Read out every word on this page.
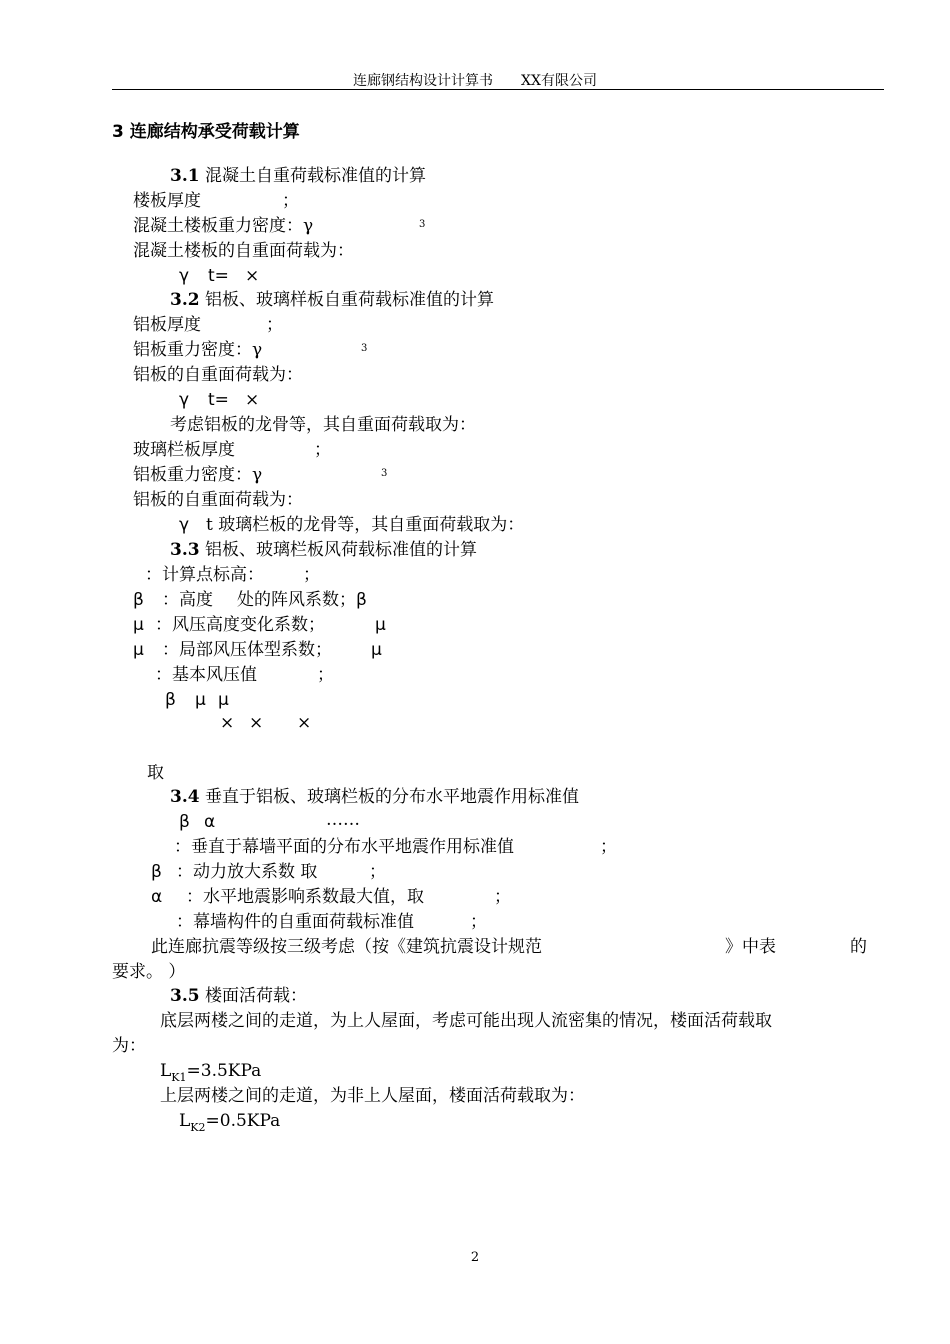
连廊钢结构设计计算书 XX有限公司
3 连廊结构承受荷载计算
3.1 混凝土自重荷载标准值的计算
楼板厚度	；
混凝土楼板重力密度：γ	3
混凝土楼板的自重面荷载为：
γ t= ×
3.2 铝板、玻璃样板自重荷载标准值的计算
铝板厚度	；
铝板重力密度：γ	3
铝板的自重面荷载为：
γ t= ×
考虑铝板的龙骨等，其自重面荷载取为：
玻璃栏板厚度	；
铝板重力密度：γ	3
铝板的自重面荷载为：
γ t 玻璃栏板的龙骨等，其自重面荷载取为：
3.3 铝板、玻璃栏板风荷载标准值的计算
：计算点标高： ；
β ：高度 处的阵风系数；β
μ ：风压高度变化系数；	μ
μ ：局部风压体型系数； μ
：基本风压值	；
β μ μ
× × ×
取
3.4 垂直于铝板、玻璃栏板的分布水平地震作用标准值
β α	……
：垂直于幕墙平面的分布水平地震作用标准值	；
β ：动力放大系数 取	；
α ：水平地震影响系数最大值，取	；
：幕墙构件的自重面荷载标准值	；
此连廊抗震等级按三级考虑（按《建筑抗震设计规范	》中表	的
要求。 ）
3.5 楼面活荷载：
底层两楼之间的走道，为上人屋面，考虑可能出现人流密集的情况，楼面活荷载取
为：
$L_{K1}=3.5KPa$
上层两楼之间的走道，为非上人屋面，楼面活荷载取为：
$L_{K2}=0.5KPa$
2
